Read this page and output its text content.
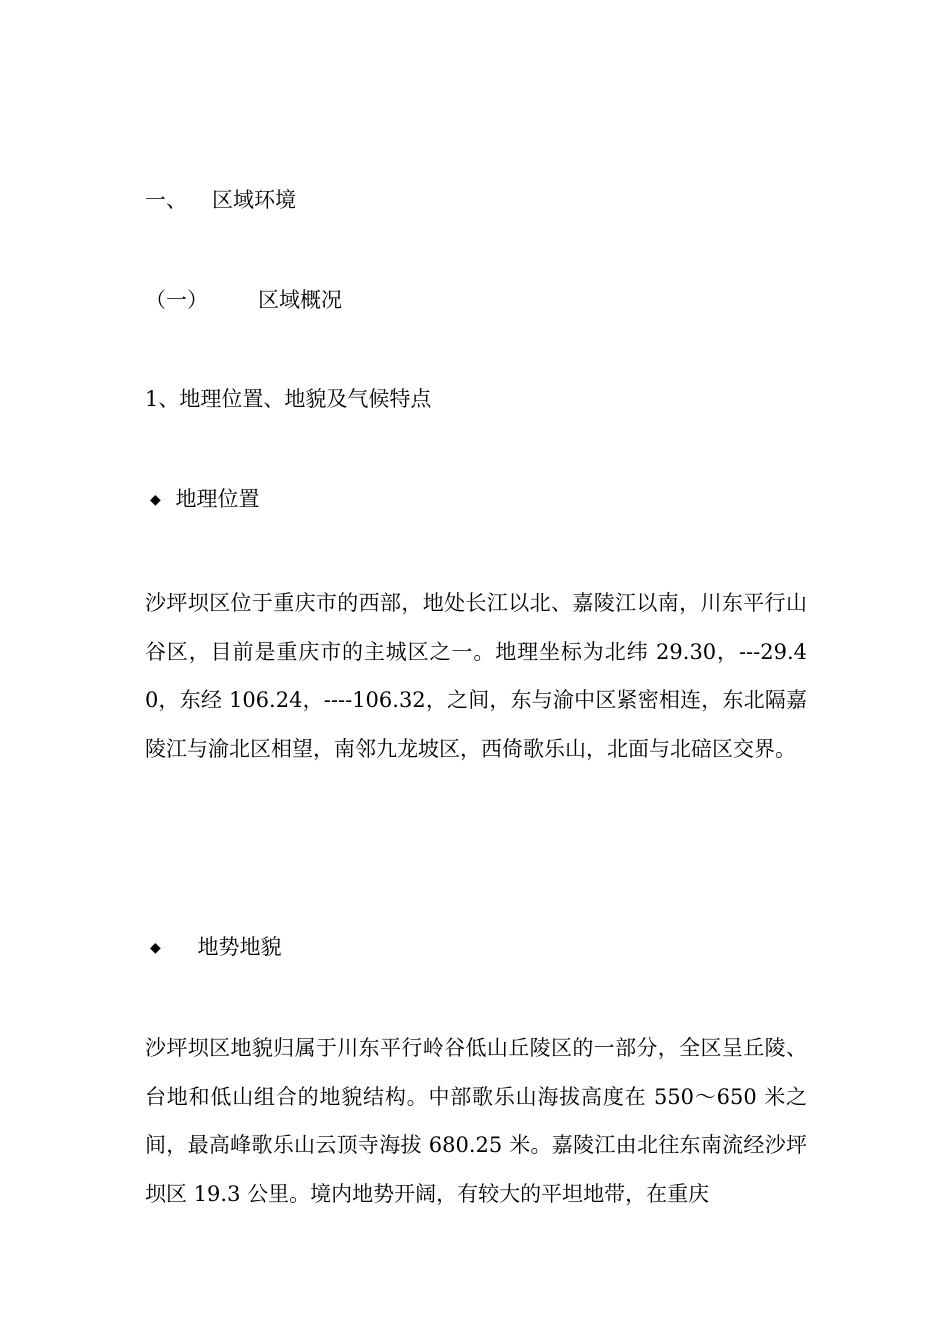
一、 区域环境
（一） 区域概况
1、地理位置、地貌及气候特点
◆ 地理位置
沙坪坝区位于重庆市的西部，地处长江以北、嘉陵江以南，川东平行山谷区，目前是重庆市的主城区之一。地理坐标为北纬 29.30，---29.40，东经 106.24，----106.32，之间，东与渝中区紧密相连，东北隔嘉陵江与渝北区相望，南邻九龙坡区，西倚歌乐山，北面与北碚区交界。
◆ 地势地貌
沙坪坝区地貌归属于川东平行岭谷低山丘陵区的一部分，全区呈丘陵、台地和低山组合的地貌结构。中部歌乐山海拔高度在 550～650 米之间，最高峰歌乐山云顶寺海拔 680.25 米。嘉陵江由北往东南流经沙坪坝区 19.3 公里。境内地势开阔，有较大的平坦地带，在重庆
